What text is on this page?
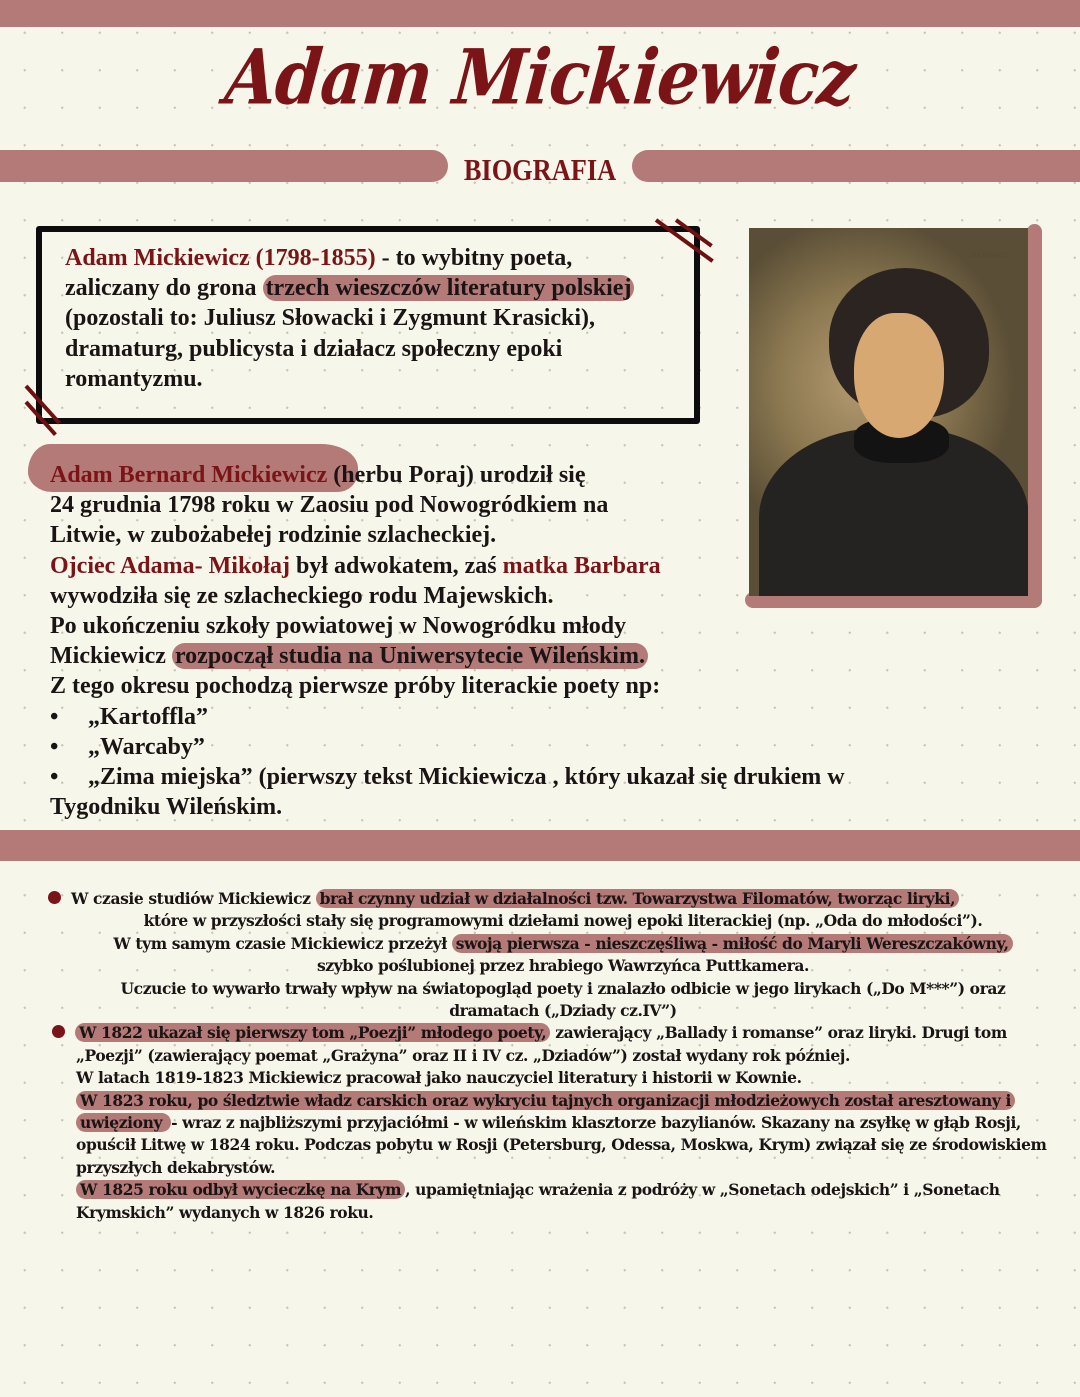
Adam Mickiewicz
BIOGRAFIA
Adam Mickiewicz (1798-1855) - to wybitny poeta,
zaliczany do grona trzech wieszczów literatury polskiej
(pozostali to: Juliusz Słowacki i Zygmunt Krasicki),
dramaturg, publicysta i działacz społeczny epoki
romantyzmu.
Mickiewicz
Adam Bernard Mickiewicz (herbu Poraj) urodził się
24 grudnia 1798 roku w Zaosiu pod Nowogródkiem na
Litwie, w zubożabełej rodzinie szlacheckiej.
Ojciec Adama- Mikołaj był adwokatem, zaś matka Barbara
wywodziła się ze szlacheckiego rodu Majewskich.
Po ukończeniu szkoły powiatowej w Nowogródku młody
Mickiewicz rozpoczął studia na Uniwersytecie Wileńskim.
Z tego okresu pochodzą pierwsze próby literackie poety np:
• „Kartoffla”
• „Warcaby”
• „Zima miejska” (pierwszy tekst Mickiewicza , który ukazał się drukiem w
Tygodniku Wileńskim.
W czasie studiów Mickiewicz brał czynny udział w działalności tzw. Towarzystwa Filomatów, tworząc liryki,
które w przyszłości stały się programowymi dziełami nowej epoki literackiej (np. „Oda do młodości”).
W tym samym czasie Mickiewicz przeżył swoją pierwsza - nieszczęśliwą - miłość do Maryli Wereszczakówny,
szybko poślubionej przez hrabiego Wawrzyńca Puttkamera.
Uczucie to wywarło trwały wpływ na światopogląd poety i znalazło odbicie w jego lirykach („Do M***”) oraz
dramatach („Dziady cz.IV”)
W 1822 ukazał się pierwszy tom „Poezji” młodego poety, zawierający „Ballady i romanse” oraz liryki. Drugi tom
„Poezji” (zawierający poemat „Grażyna” oraz II i IV cz. „Dziadów”) został wydany rok później.
W latach 1819-1823 Mickiewicz pracował jako nauczyciel literatury i historii w Kownie.
W 1823 roku, po śledztwie władz carskich oraz wykryciu tajnych organizacji młodzieżowych został aresztowany i
uwięziony - wraz z najbliższymi przyjaciółmi - w wileńskim klasztorze bazylianów. Skazany na zsyłkę w głąb Rosji,
opuścił Litwę w 1824 roku. Podczas pobytu w Rosji (Petersburg, Odessa, Moskwa, Krym) związał się ze środowiskiem
przyszłych dekabrystów.
W 1825 roku odbył wycieczkę na Krym , upamiętniając wrażenia z podróży w „Sonetach odejskich” i „Sonetach
Krymskich” wydanych w 1826 roku.
